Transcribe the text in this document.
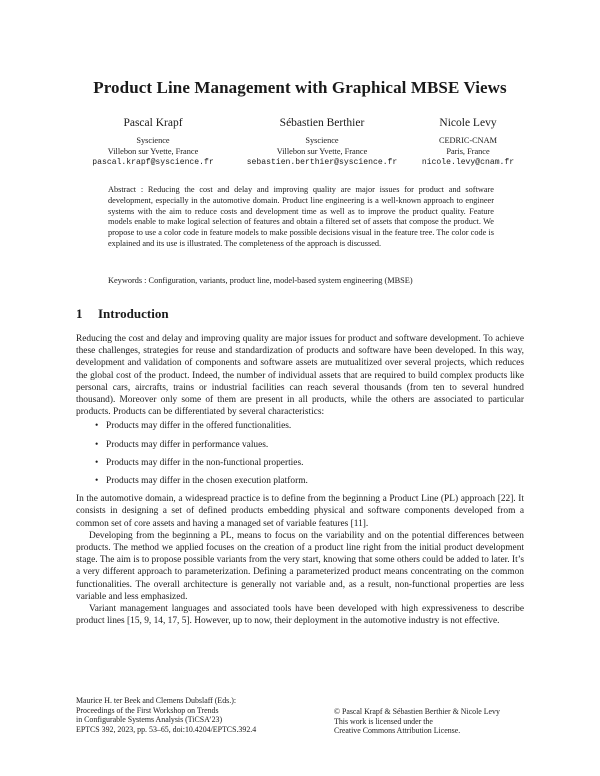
Product Line Management with Graphical MBSE Views
Pascal Krapf
Syscience
Villebon sur Yvette, France
pascal.krapf@syscience.fr
Sébastien Berthier
Syscience
Villebon sur Yvette, France
sebastien.berthier@syscience.fr
Nicole Levy
CEDRIC-CNAM
Paris, France
nicole.levy@cnam.fr
Abstract : Reducing the cost and delay and improving quality are major issues for product and software development, especially in the automotive domain. Product line engineering is a well-known approach to engineer systems with the aim to reduce costs and development time as well as to improve the product quality. Feature models enable to make logical selection of features and obtain a filtered set of assets that compose the product. We propose to use a color code in feature models to make possible decisions visual in the feature tree. The color code is explained and its use is illustrated. The completeness of the approach is discussed.
Keywords : Configuration, variants, product line, model-based system engineering (MBSE)
1 Introduction

Reducing the cost and delay and improving quality are major issues for product and software development. To achieve these challenges, strategies for reuse and standardization of products and software have been developed. In this way, development and validation of components and software assets are mutualitized over several projects, which reduces the global cost of the product. Indeed, the number of individual assets that are required to build complex products like personal cars, aircrafts, trains or industrial facilities can reach several thousands (from ten to several hundred thousand). Moreover only some of them are present in all products, while the others are associated to particular products. Products can be differentiated by several characteristics:

• Products may differ in the offered functionalities.
• Products may differ in performance values.
• Products may differ in the non-functional properties.
• Products may differ in the chosen execution platform.

In the automotive domain, a widespread practice is to define from the beginning a Product Line (PL) approach [22]. It consists in designing a set of defined products embedding physical and software components developed from a common set of core assets and having a managed set of variable features [11].

Developing from the beginning a PL, means to focus on the variability and on the potential differences between products. The method we applied focuses on the creation of a product line right from the initial product development stage. The aim is to propose possible variants from the very start, knowing that some others could be added to later. It’s a very different approach to parameterization. Defining a parameterized product means concentrating on the common functionalities. The overall architecture is generally not variable and, as a result, non-functional properties are less variable and less emphasized.

Variant management languages and associated tools have been developed with high expressiveness to describe product lines [15, 9, 14, 17, 5]. However, up to now, their deployment in the automotive industry is not effective.

Maurice H. ter Beek and Clemens Dubslaff (Eds.):
Proceedings of the First Workshop on Trends
in Configurable Systems Analysis (TiCSA’23)
EPTCS 392, 2023, pp. 53–65, doi:10.4204/EPTCS.392.4
© Pascal Krapf & Sébastien Berthier & Nicole Levy
This work is licensed under the
Creative Commons Attribution License.
